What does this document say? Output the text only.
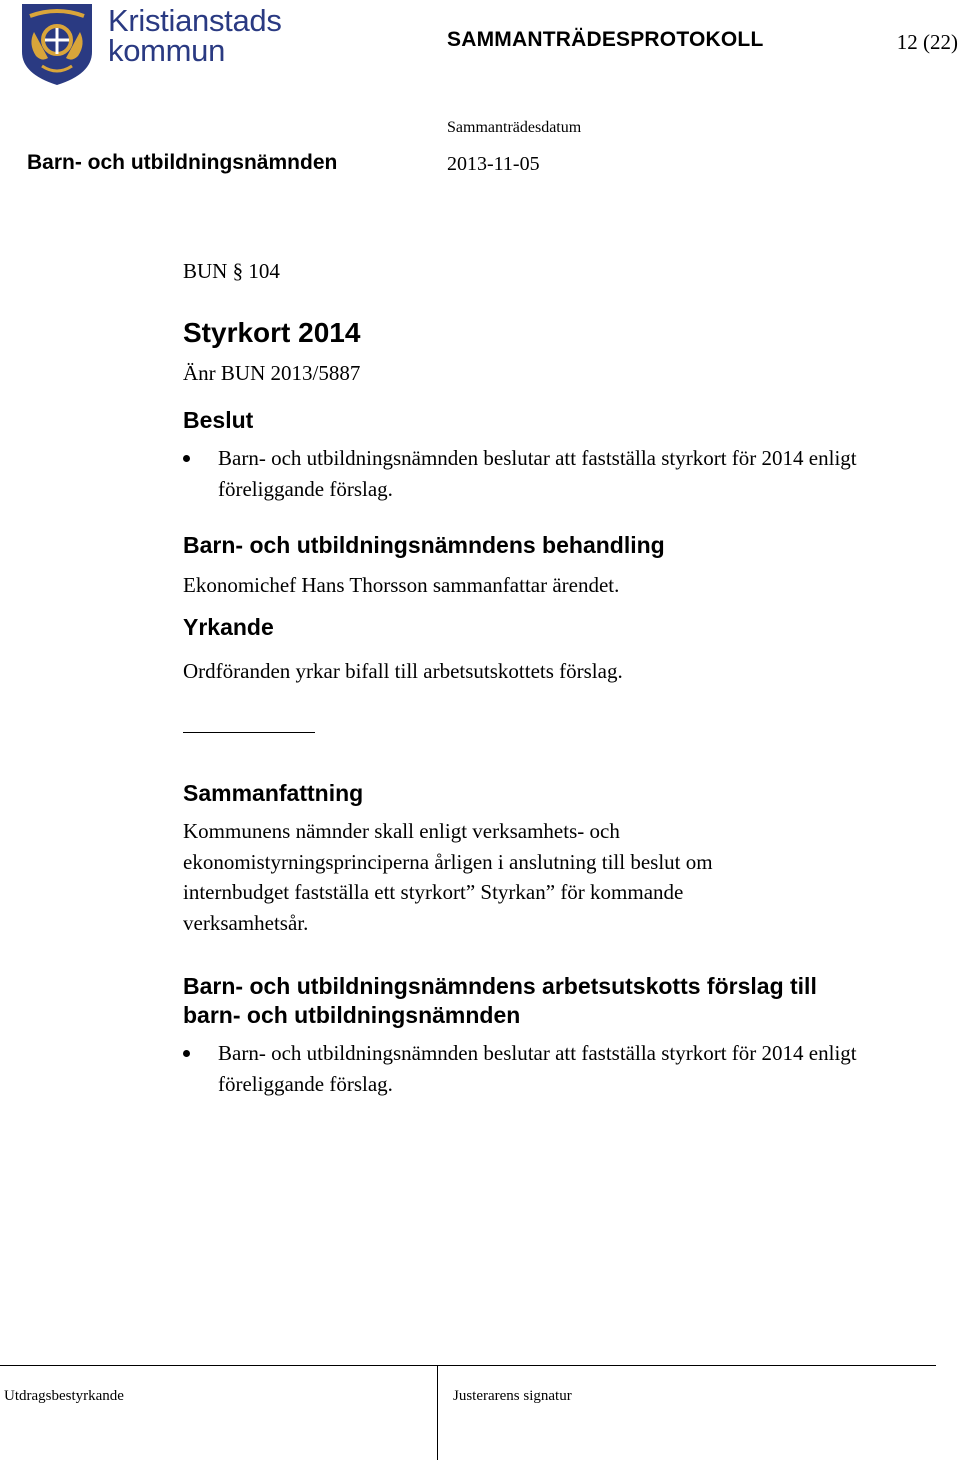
Kristianstads
kommun	SAMMANTRÄDESPROTOKOLL	12 (22)
Sammanträdesdatum
Barn- och utbildningsnämnden	2013-11-05

BUN § 104

Styrkort 2014

Änr BUN 2013/5887

Beslut
Barn- och utbildningsnämnden beslutar att fastställa styrkort för 2014 enligt föreliggande förslag.
Barn- och utbildningsnämndens behandling

Ekonomichef Hans Thorsson sammanfattar ärendet.

Yrkande

Ordföranden yrkar bifall till arbetsutskottets förslag.

Sammanfattning

Kommunens nämnder skall enligt verksamhets- och ekonomistyrningsprinciperna årligen i anslutning till beslut om internbudget fastställa ett styrkort” Styrkan” för kommande verksamhetsår.

Barn- och utbildningsnämndens arbetsutskotts förslag till barn- och utbildningsnämnden
Barn- och utbildningsnämnden beslutar att fastställa styrkort för 2014 enligt föreliggande förslag.
Utdragsbestyrkande	Justerarens signatur
